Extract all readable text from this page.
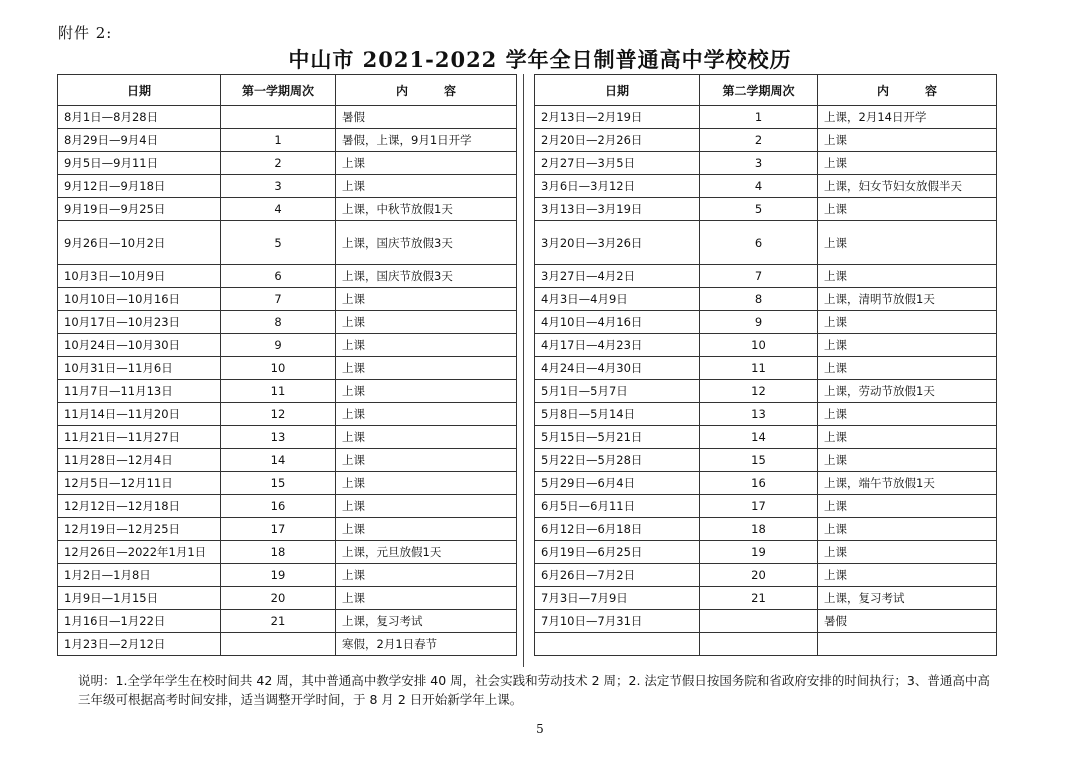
附件 2:
中山市 2021-2022 学年全日制普通高中学校校历
日期	第一学期周次	内　　　容
8月1日—8月28日		暑假
8月29日—9月4日	1	暑假，上课，9月1日开学
9月5日—9月11日	2	上课
9月12日—9月18日	3	上课
9月19日—9月25日	4	上课，中秋节放假1天
9月26日—10月2日	5	上课，国庆节放假3天
10月3日—10月9日	6	上课，国庆节放假3天
10月10日—10月16日	7	上课
10月17日—10月23日	8	上课
10月24日—10月30日	9	上课
10月31日—11月6日	10	上课
11月7日—11月13日	11	上课
11月14日—11月20日	12	上课
11月21日—11月27日	13	上课
11月28日—12月4日	14	上课
12月5日—12月11日	15	上课
12月12日—12月18日	16	上课
12月19日—12月25日	17	上课
12月26日—2022年1月1日	18	上课，元旦放假1天
1月2日—1月8日	19	上课
1月9日—1月15日	20	上课
1月16日—1月22日	21	上课，复习考试
1月23日—2月12日		寒假，2月1日春节
日期	第二学期周次	内　　　容
2月13日—2月19日	1	上课，2月14日开学
2月20日—2月26日	2	上课
2月27日—3月5日	3	上课
3月6日—3月12日	4	上课，妇女节妇女放假半天
3月13日—3月19日	5	上课
3月20日—3月26日	6	上课
3月27日—4月2日	7	上课
4月3日—4月9日	8	上课，清明节放假1天
4月10日—4月16日	9	上课
4月17日—4月23日	10	上课
4月24日—4月30日	11	上课
5月1日—5月7日	12	上课，劳动节放假1天
5月8日—5月14日	13	上课
5月15日—5月21日	14	上课
5月22日—5月28日	15	上课
5月29日—6月4日	16	上课，端午节放假1天
6月5日—6月11日	17	上课
6月12日—6月18日	18	上课
6月19日—6月25日	19	上课
6月26日—7月2日	20	上课
7月3日—7月9日	21	上课，复习考试
7月10日—7月31日		暑假

说明：1.全学年学生在校时间共 42 周，其中普通高中教学安排 40 周，社会实践和劳动技术 2 周；2. 法定节假日按国务院和省政府安排的时间执行；3、普通高中高三年级可根据高考时间安排，适当调整开学时间，于 8 月 2 日开始新学年上课。
5
